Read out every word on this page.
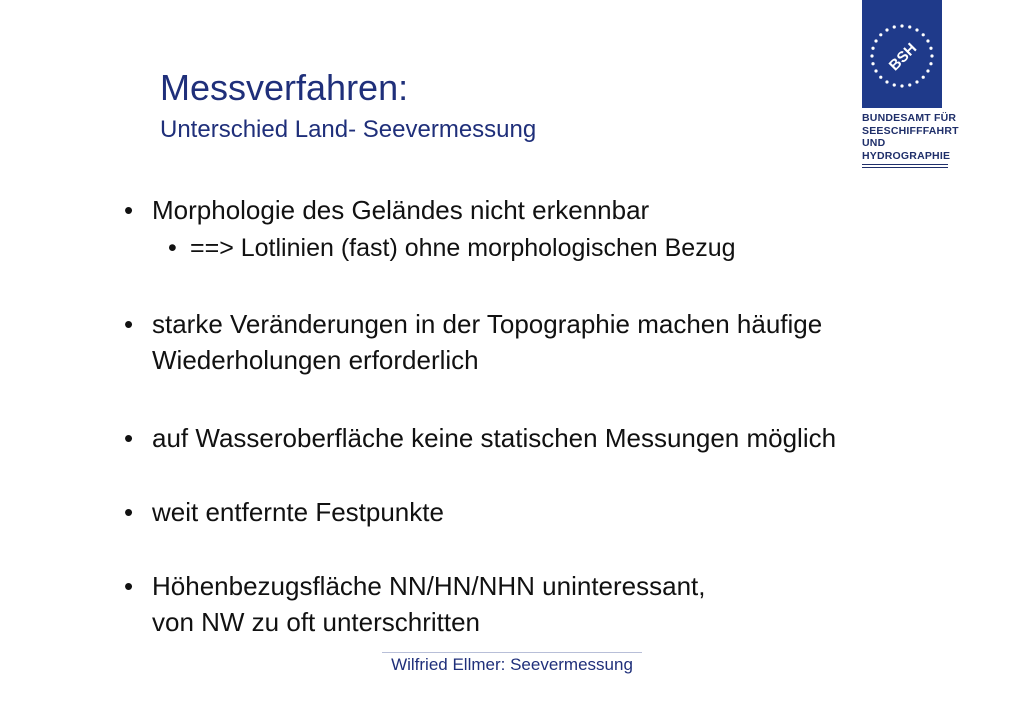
Messverfahren:
Unterschied Land- Seevermessung
BSH
BUNDESAMT FÜR
SEESCHIFFFAHRT
UND
HYDROGRAPHIE
• Morphologie des Geländes nicht erkennbar
• ==> Lotlinien (fast) ohne morphologischen Bezug
• starke Veränderungen in der Topographie machen häufige
Wiederholungen erforderlich
• auf Wasseroberfläche keine statischen Messungen möglich
• weit entfernte Festpunkte
• Höhenbezugsfläche NN/HN/NHN uninteressant,
von NW zu oft unterschritten
Wilfried Ellmer: Seevermessung
